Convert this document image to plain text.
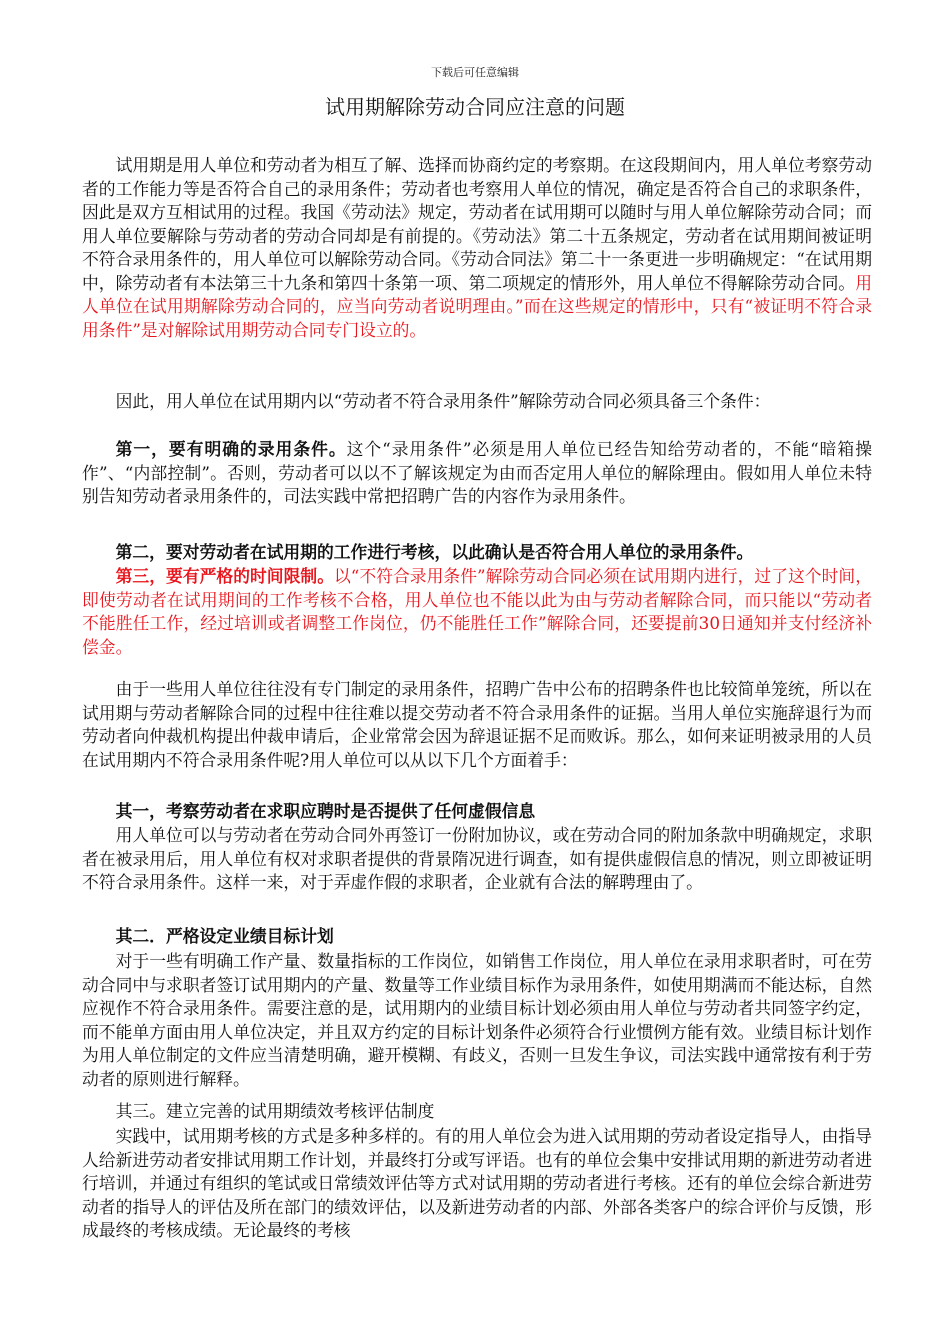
下载后可任意编辑
试用期解除劳动合同应注意的问题

试用期是用人单位和劳动者为相互了解、选择而协商约定的考察期。在这段期间内，用人单位考察劳动者的工作能力等是否符合自己的录用条件；劳动者也考察用人单位的情况，确定是否符合自己的求职条件，因此是双方互相试用的过程。我国《劳动法》规定，劳动者在试用期可以随时与用人单位解除劳动合同；而用人单位要解除与劳动者的劳动合同却是有前提的。《劳动法》第二十五条规定，劳动者在试用期间被证明不符合录用条件的，用人单位可以解除劳动合同。《劳动合同法》第二十一条更进一步明确规定：“在试用期中，除劳动者有本法第三十九条和第四十条第一项、第二项规定的情形外，用人单位不得解除劳动合同。用人单位在试用期解除劳动合同的，应当向劳动者说明理由。”而在这些规定的情形中，只有“被证明不符合录用条件”是对解除试用期劳动合同专门设立的。

因此，用人单位在试用期内以“劳动者不符合录用条件”解除劳动合同必须具备三个条件：

第一，要有明确的录用条件。这个“录用条件”必须是用人单位已经告知给劳动者的，不能“暗箱操作”、“内部控制”。否则，劳动者可以以不了解该规定为由而否定用人单位的解除理由。假如用人单位未特别告知劳动者录用条件的，司法实践中常把招聘广告的内容作为录用条件。

第二，要对劳动者在试用期的工作进行考核，以此确认是否符合用人单位的录用条件。

第三，要有严格的时间限制。以“不符合录用条件”解除劳动合同必须在试用期内进行，过了这个时间，即使劳动者在试用期间的工作考核不合格，用人单位也不能以此为由与劳动者解除合同，而只能以“劳动者不能胜任工作，经过培训或者调整工作岗位，仍不能胜任工作”解除合同，还要提前30日通知并支付经济补偿金。

由于一些用人单位往往没有专门制定的录用条件，招聘广告中公布的招聘条件也比较简单笼统，所以在试用期与劳动者解除合同的过程中往往难以提交劳动者不符合录用条件的证据。当用人单位实施辞退行为而劳动者向仲裁机构提出仲裁申请后，企业常常会因为辞退证据不足而败诉。那么，如何来证明被录用的人员在试用期内不符合录用条件呢?用人单位可以从以下几个方面着手：

其一，考察劳动者在求职应聘时是否提供了任何虚假信息

用人单位可以与劳动者在劳动合同外再签订一份附加协议，或在劳动合同的附加条款中明确规定，求职者在被录用后，用人单位有权对求职者提供的背景隋况进行调查，如有提供虚假信息的情况，则立即被证明不符合录用条件。这样一来，对于弄虚作假的求职者，企业就有合法的解聘理由了。

其二．严格设定业绩目标计划

对于一些有明确工作产量、数量指标的工作岗位，如销售工作岗位，用人单位在录用求职者时，可在劳动合同中与求职者签订试用期内的产量、数量等工作业绩目标作为录用条件，如使用期满而不能达标，自然应视作不符合录用条件。需要注意的是，试用期内的业绩目标计划必须由用人单位与劳动者共同签字约定，而不能单方面由用人单位决定，并且双方约定的目标计划条件必须符合行业惯例方能有效。业绩目标计划作为用人单位制定的文件应当清楚明确，避开模糊、有歧义，否则一旦发生争议，司法实践中通常按有利于劳动者的原则进行解释。

其三。建立完善的试用期绩效考核评估制度

实践中，试用期考核的方式是多种多样的。有的用人单位会为进入试用期的劳动者设定指导人，由指导人给新进劳动者安排试用期工作计划，并最终打分或写评语。也有的单位会集中安排试用期的新进劳动者进行培训，并通过有组织的笔试或日常绩效评估等方式对试用期的劳动者进行考核。还有的单位会综合新进劳动者的指导人的评估及所在部门的绩效评估，以及新进劳动者的内部、外部各类客户的综合评价与反馈，形成最终的考核成绩。无论最终的考核
